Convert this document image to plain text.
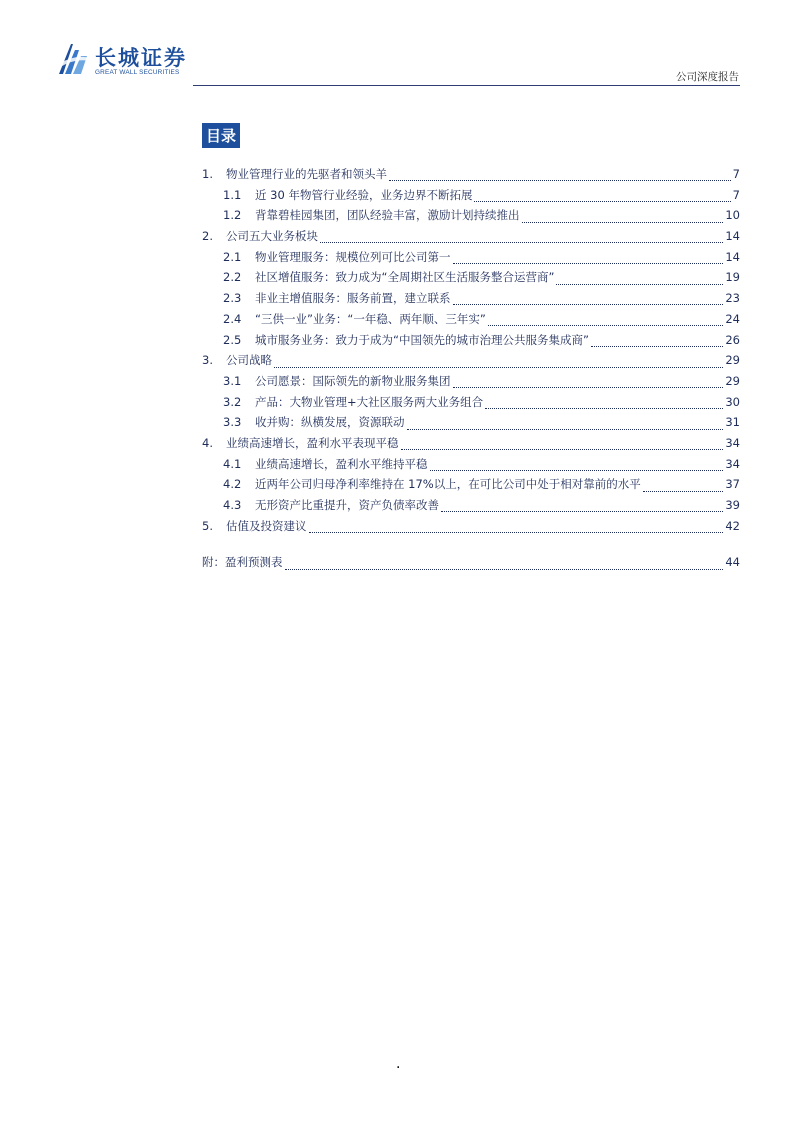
长城证券
GREAT WALL SECURITIES	公司深度报告
目录
1.	物业管理行业的先驱者和领头羊	7
1.1	近 30 年物管行业经验，业务边界不断拓展	7
1.2	背靠碧桂园集团，团队经验丰富，激励计划持续推出	10
2.	公司五大业务板块	14
2.1	物业管理服务：规模位列可比公司第一	14
2.2	社区增值服务：致力成为“全周期社区生活服务整合运营商”	19
2.3	非业主增值服务：服务前置，建立联系	23
2.4	“三供一业”业务：“一年稳、两年顺、三年实”	24
2.5	城市服务业务：致力于成为“中国领先的城市治理公共服务集成商”	26
3.	公司战略	29
3.1	公司愿景：国际领先的新物业服务集团	29
3.2	产品：大物业管理+大社区服务两大业务组合	30
3.3	收并购：纵横发展，资源联动	31
4.	业绩高速增长，盈利水平表现平稳	34
4.1	业绩高速增长，盈利水平维持平稳	34
4.2	近两年公司归母净利率维持在 17%以上，在可比公司中处于相对靠前的水平	37
4.3	无形资产比重提升，资产负债率改善	39
5.	估值及投资建议	42
附：盈利预测表	44
.
